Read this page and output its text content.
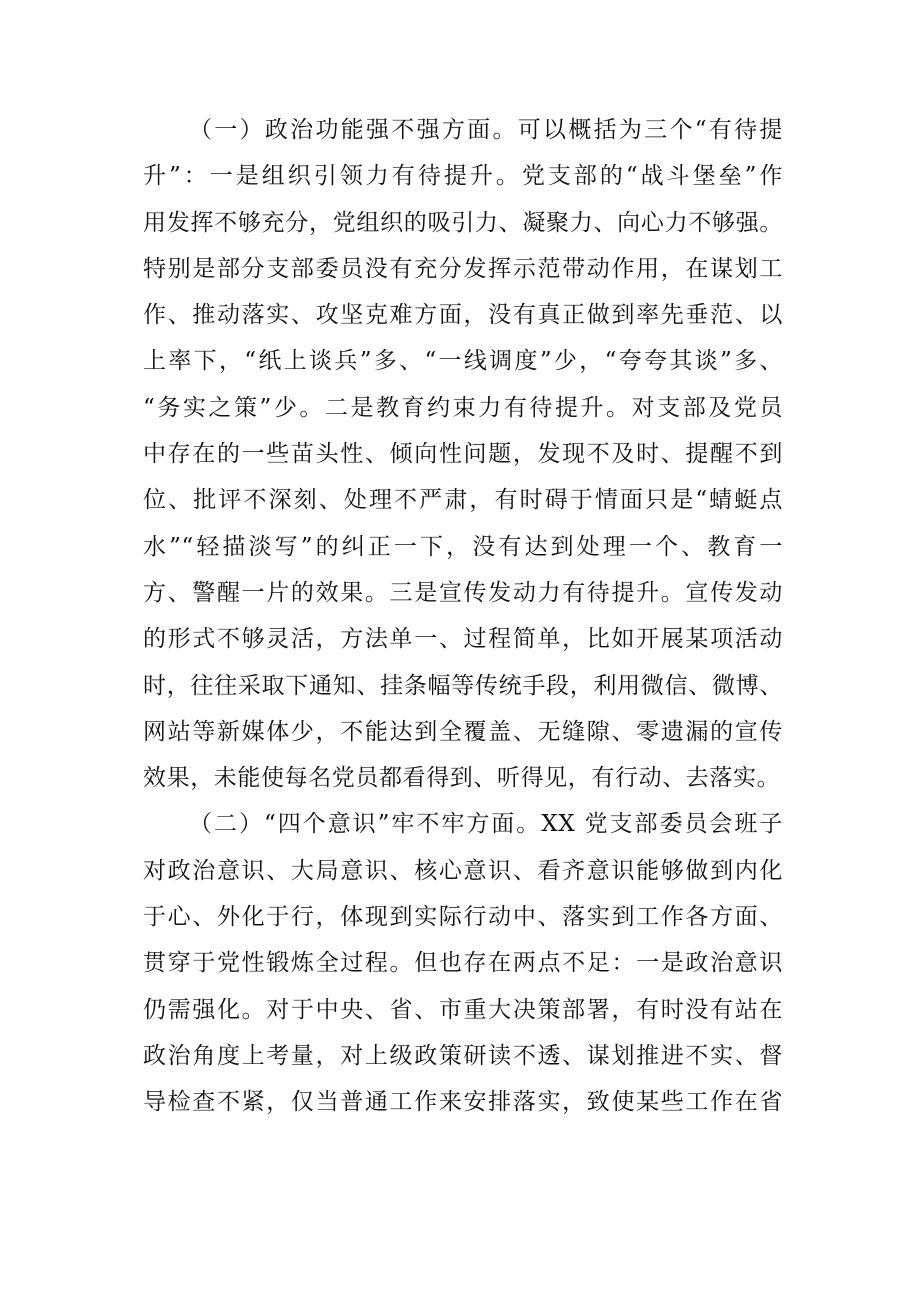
（一）政治功能强不强方面。可以概括为三个“有待提
升”：一是组织引领力有待提升。党支部的“战斗堡垒”作
用发挥不够充分，党组织的吸引力、凝聚力、向心力不够强。
特别是部分支部委员没有充分发挥示范带动作用，在谋划工
作、推动落实、攻坚克难方面，没有真正做到率先垂范、以
上率下，“纸上谈兵”多、“一线调度”少，“夸夸其谈”多、
“务实之策”少。二是教育约束力有待提升。对支部及党员
中存在的一些苗头性、倾向性问题，发现不及时、提醒不到
位、批评不深刻、处理不严肃，有时碍于情面只是“蜻蜓点
水”“轻描淡写”的纠正一下，没有达到处理一个、教育一
方、警醒一片的效果。三是宣传发动力有待提升。宣传发动
的形式不够灵活，方法单一、过程简单，比如开展某项活动
时，往往采取下通知、挂条幅等传统手段，利用微信、微博、
网站等新媒体少，不能达到全覆盖、无缝隙、零遗漏的宣传
效果，未能使每名党员都看得到、听得见，有行动、去落实。
（二）“四个意识”牢不牢方面。XX 党支部委员会班子
对政治意识、大局意识、核心意识、看齐意识能够做到内化
于心、外化于行，体现到实际行动中、落实到工作各方面、
贯穿于党性锻炼全过程。但也存在两点不足：一是政治意识
仍需强化。对于中央、省、市重大决策部署，有时没有站在
政治角度上考量，对上级政策研读不透、谋划推进不实、督
导检查不紧，仅当普通工作来安排落实，致使某些工作在省
